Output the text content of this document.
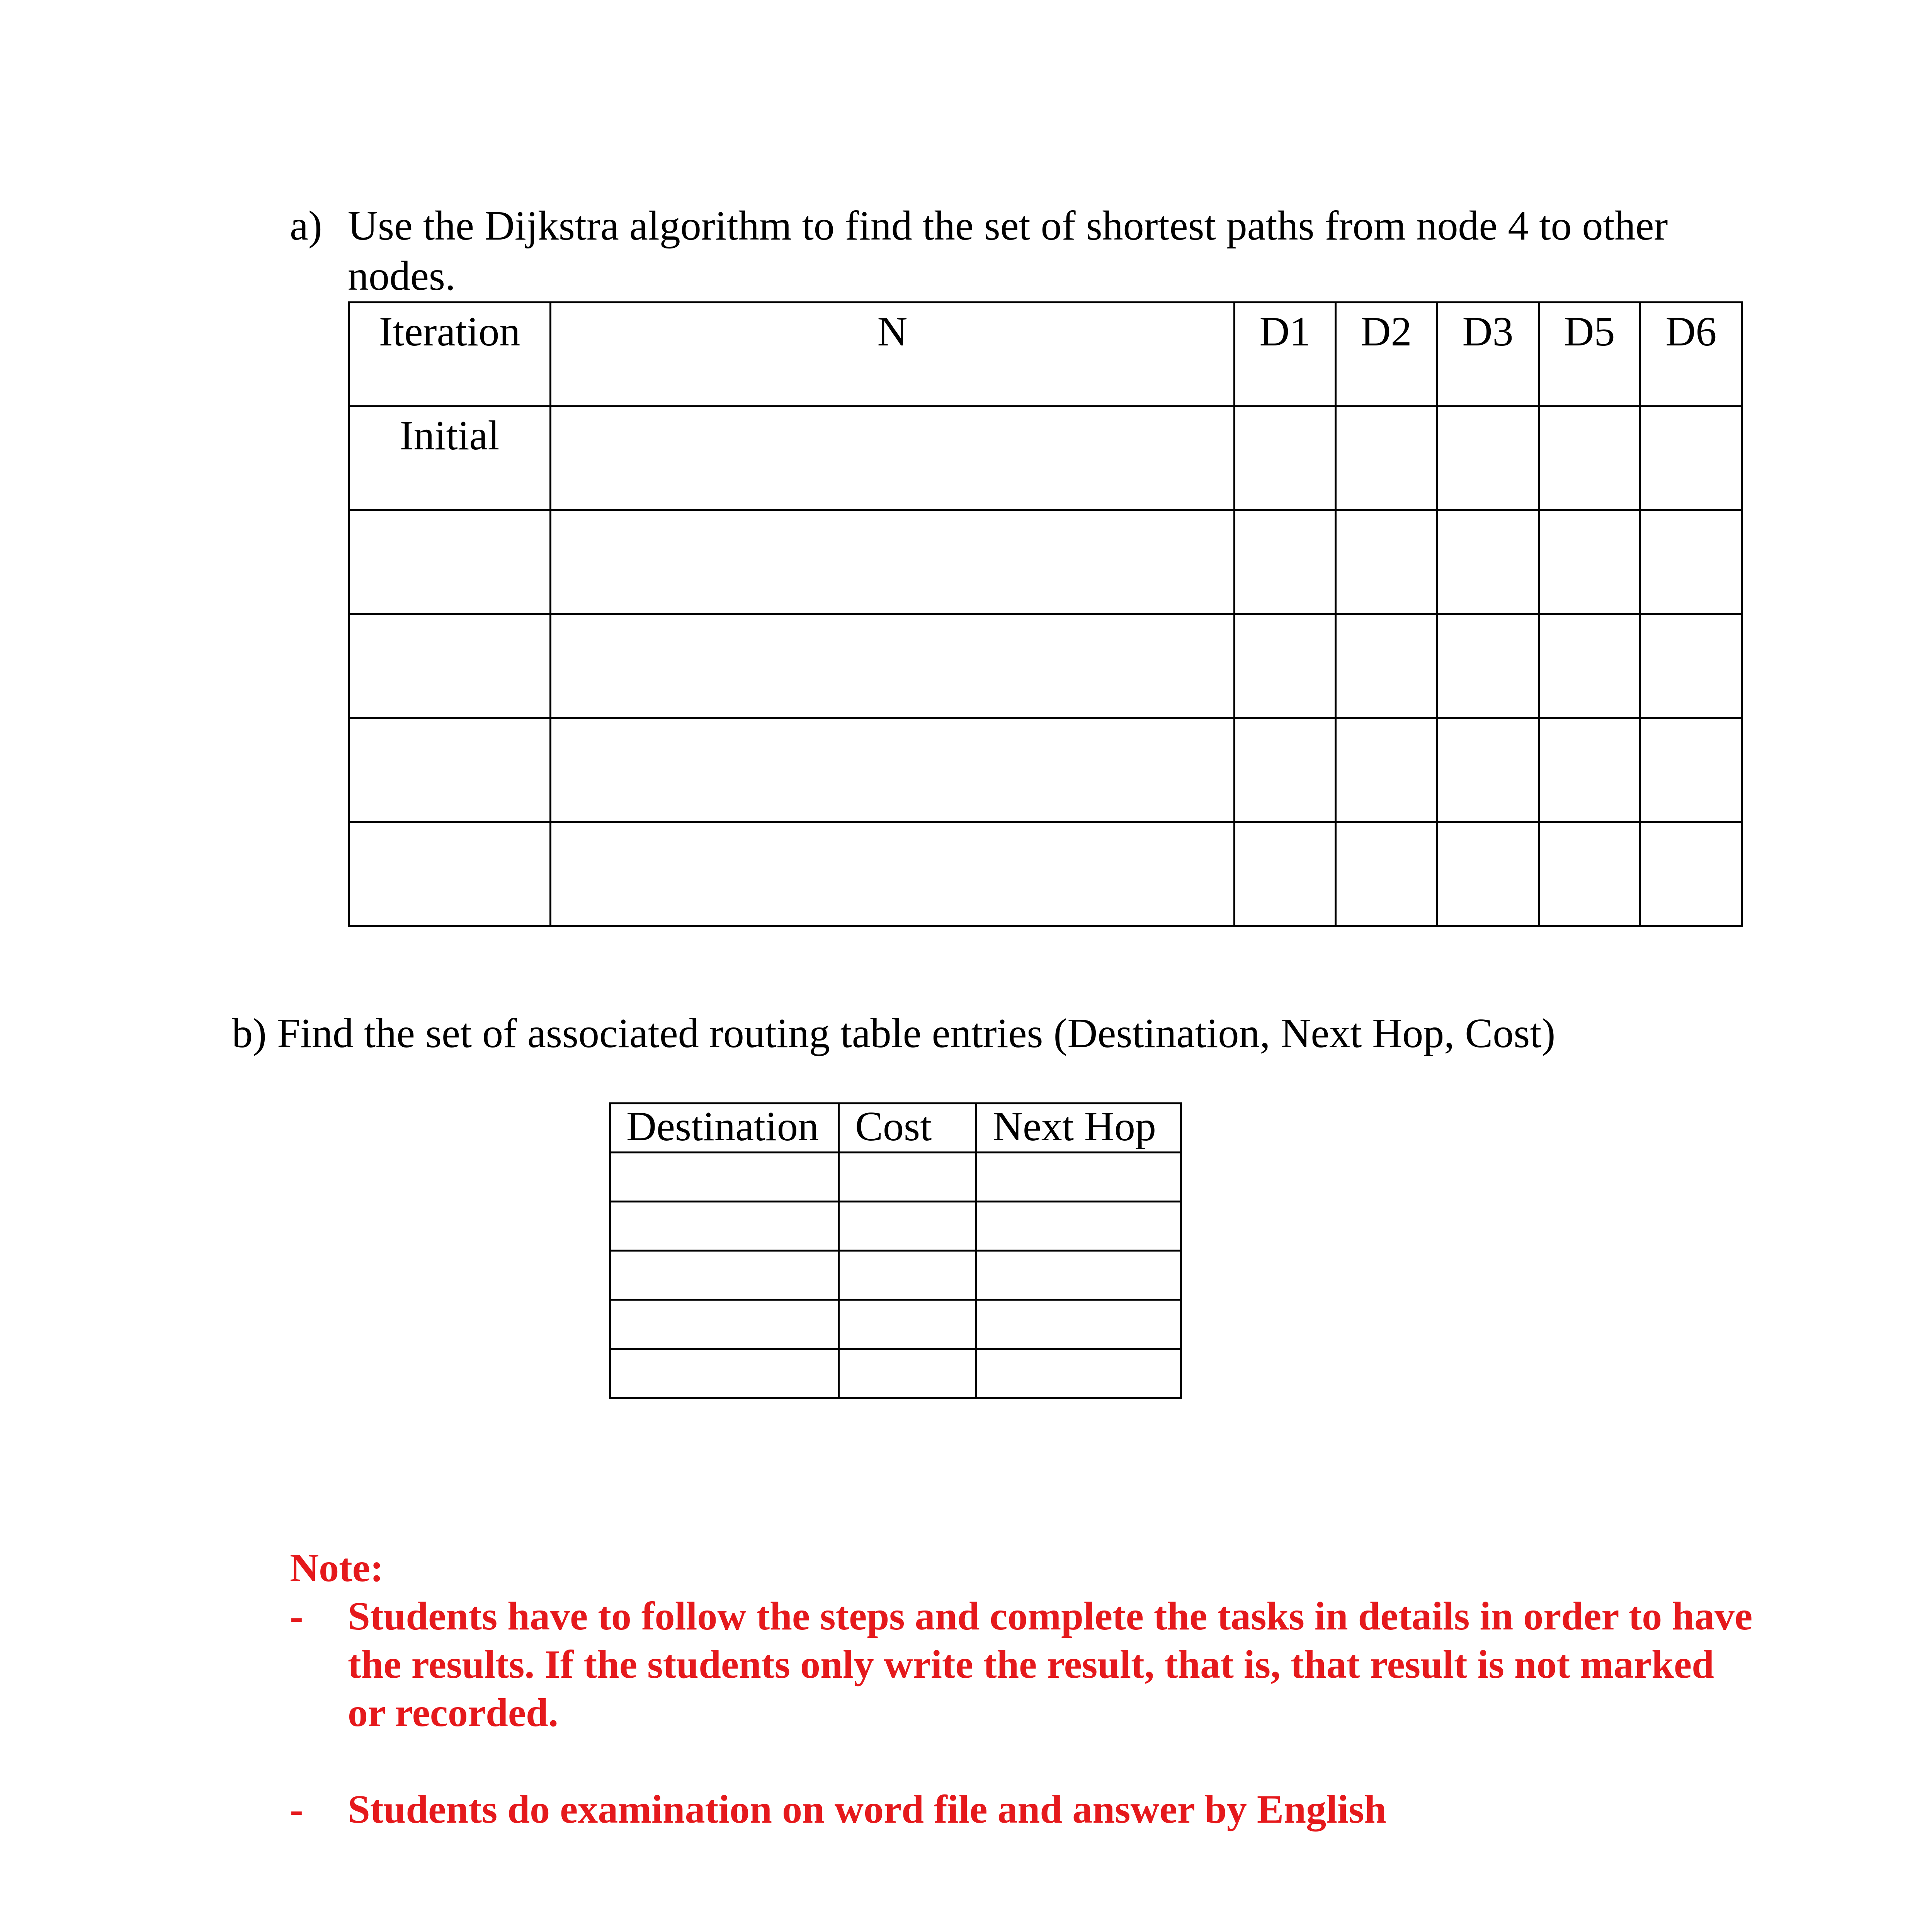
a) Use the Dijkstra algorithm to find the set of shortest paths from node 4 to other nodes.
Iteration	N	D1	D2	D3	D5	D6
Initial						

b) Find the set of associated routing table entries (Destination, Next Hop, Cost)
Destination	Cost	Next Hop

Note:
- Students have to follow the steps and complete the tasks in details in order to have the results. If the students only write the result, that is, that result is not marked or recorded.
- Students do examination on word file and answer by English
